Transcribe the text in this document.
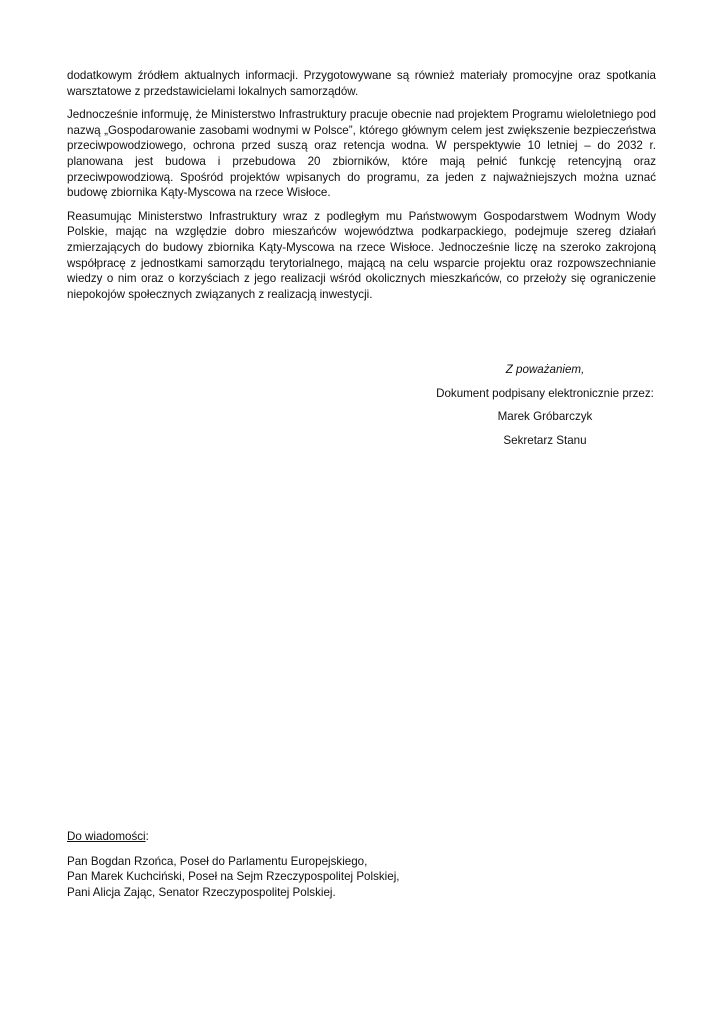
dodatkowym źródłem aktualnych informacji. Przygotowywane są również materiały promocyjne oraz spotkania warsztatowe z przedstawicielami lokalnych samorządów.

Jednocześnie informuję, że Ministerstwo Infrastruktury pracuje obecnie nad projektem Programu wieloletniego pod nazwą „Gospodarowanie zasobami wodnymi w Polsce”, którego głównym celem jest zwiększenie bezpieczeństwa przeciwpowodziowego, ochrona przed suszą oraz retencja wodna. W perspektywie 10 letniej – do 2032 r. planowana jest budowa i przebudowa 20 zbiorników, które mają pełnić funkcję retencyjną oraz przeciwpowodziową. Spośród projektów wpisanych do programu, za jeden z najważniejszych można uznać budowę zbiornika Kąty-Myscowa na rzece Wisłoce.

Reasumując Ministerstwo Infrastruktury wraz z podległym mu Państwowym Gospodarstwem Wodnym Wody Polskie, mając na względzie dobro mieszańców województwa podkarpackiego, podejmuje szereg działań zmierzających do budowy zbiornika Kąty-Myscowa na rzece Wisłoce. Jednocześnie liczę na szeroko zakrojoną współpracę z jednostkami samorządu terytorialnego, mającą na celu wsparcie projektu oraz rozpowszechnianie wiedzy o nim oraz o korzyściach z jego realizacji wśród okolicznych mieszkańców, co przełoży się ograniczenie niepokojów społecznych związanych z realizacją inwestycji.

Z poważaniem,
Dokument podpisany elektronicznie przez:
Marek Gróbarczyk
Sekretarz Stanu
Do wiadomości:
Pan Bogdan Rzońca, Poseł do Parlamentu Europejskiego,
Pan Marek Kuchciński, Poseł na Sejm Rzeczypospolitej Polskiej,
Pani Alicja Zając, Senator Rzeczypospolitej Polskiej.
